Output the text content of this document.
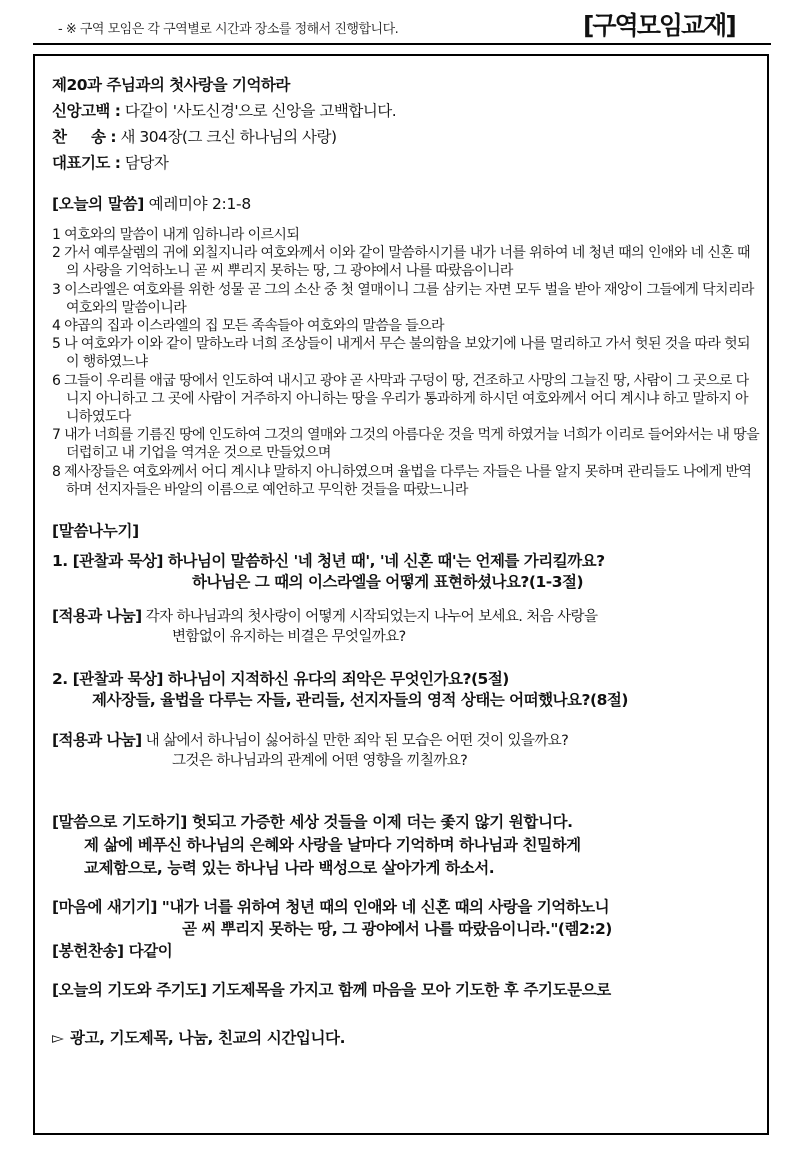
- ※ 구역 모임은 각 구역별로 시간과 장소를 정해서 진행합니다.	[구역모임교재]
제20과 주님과의 첫사랑을 기억하라
신앙고백 : 다같이 '사도신경'으로 신앙을 고백합니다.
찬     송 : 새 304장(그 크신 하나님의 사랑)
대표기도 : 담당자
[오늘의 말씀] 예레미야 2:1-8
1 여호와의 말씀이 내게 임하니라 이르시되
2 가서 예루살렘의 귀에 외칠지니라 여호와께서 이와 같이 말씀하시기를 내가 너를 위하여 네 청년 때의 인애와 네 신혼 때의 사랑을 기억하노니 곧 씨 뿌리지 못하는 땅, 그 광야에서 나를 따랐음이니라
3 이스라엘은 여호와를 위한 성물 곧 그의 소산 중 첫 열매이니 그를 삼키는 자면 모두 벌을 받아 재앙이 그들에게 닥치리라 여호와의 말씀이니라
4 야곱의 집과 이스라엘의 집 모든 족속들아 여호와의 말씀을 들으라
5 나 여호와가 이와 같이 말하노라 너희 조상들이 내게서 무슨 불의함을 보았기에 나를 멀리하고 가서 헛된 것을 따라 헛되이 행하였느냐
6 그들이 우리를 애굽 땅에서 인도하여 내시고 광야 곧 사막과 구덩이 땅, 건조하고 사망의 그늘진 땅, 사람이 그 곳으로 다니지 아니하고 그 곳에 사람이 거주하지 아니하는 땅을 우리가 통과하게 하시던 여호와께서 어디 계시냐 하고 말하지 아니하였도다
7 내가 너희를 기름진 땅에 인도하여 그것의 열매와 그것의 아름다운 것을 먹게 하였거늘 너희가 이리로 들어와서는 내 땅을 더럽히고 내 기업을 역겨운 것으로 만들었으며
8 제사장들은 여호와께서 어디 계시냐 말하지 아니하였으며 율법을 다루는 자들은 나를 알지 못하며 관리들도 나에게 반역하며 선지자들은 바알의 이름으로 예언하고 무익한 것들을 따랐느니라
[말씀나누기]
1. [관찰과 묵상] 하나님이 말씀하신 '네 청년 때', '네 신혼 때'는 언제를 가리킬까요?
하나님은 그 때의 이스라엘을 어떻게 표현하셨나요?(1-3절)
[적용과 나눔] 각자 하나님과의 첫사랑이 어떻게 시작되었는지 나누어 보세요. 처음 사랑을
변함없이 유지하는 비결은 무엇일까요?
2. [관찰과 묵상] 하나님이 지적하신 유다의 죄악은 무엇인가요?(5절)
제사장들, 율법을 다루는 자들, 관리들, 선지자들의 영적 상태는 어떠했나요?(8절)
[적용과 나눔] 내 삶에서 하나님이 싫어하실 만한 죄악 된 모습은 어떤 것이 있을까요?
그것은 하나님과의 관계에 어떤 영향을 끼칠까요?
[말씀으로 기도하기] 헛되고 가증한 세상 것들을 이제 더는 좇지 않기 원합니다.
제 삶에 베푸신 하나님의 은혜와 사랑을 날마다 기억하며 하나님과 친밀하게
교제함으로, 능력 있는 하나님 나라 백성으로 살아가게 하소서.
[마음에 새기기] "내가 너를 위하여 청년 때의 인애와 네 신혼 때의 사랑을 기억하노니
곧 씨 뿌리지 못하는 땅, 그 광야에서 나를 따랐음이니라."(렘2:2)
[봉헌찬송] 다같이
[오늘의 기도와 주기도] 기도제목을 가지고 함께 마음을 모아 기도한 후 주기도문으로
▻ 광고, 기도제목, 나눔, 친교의 시간입니다.
